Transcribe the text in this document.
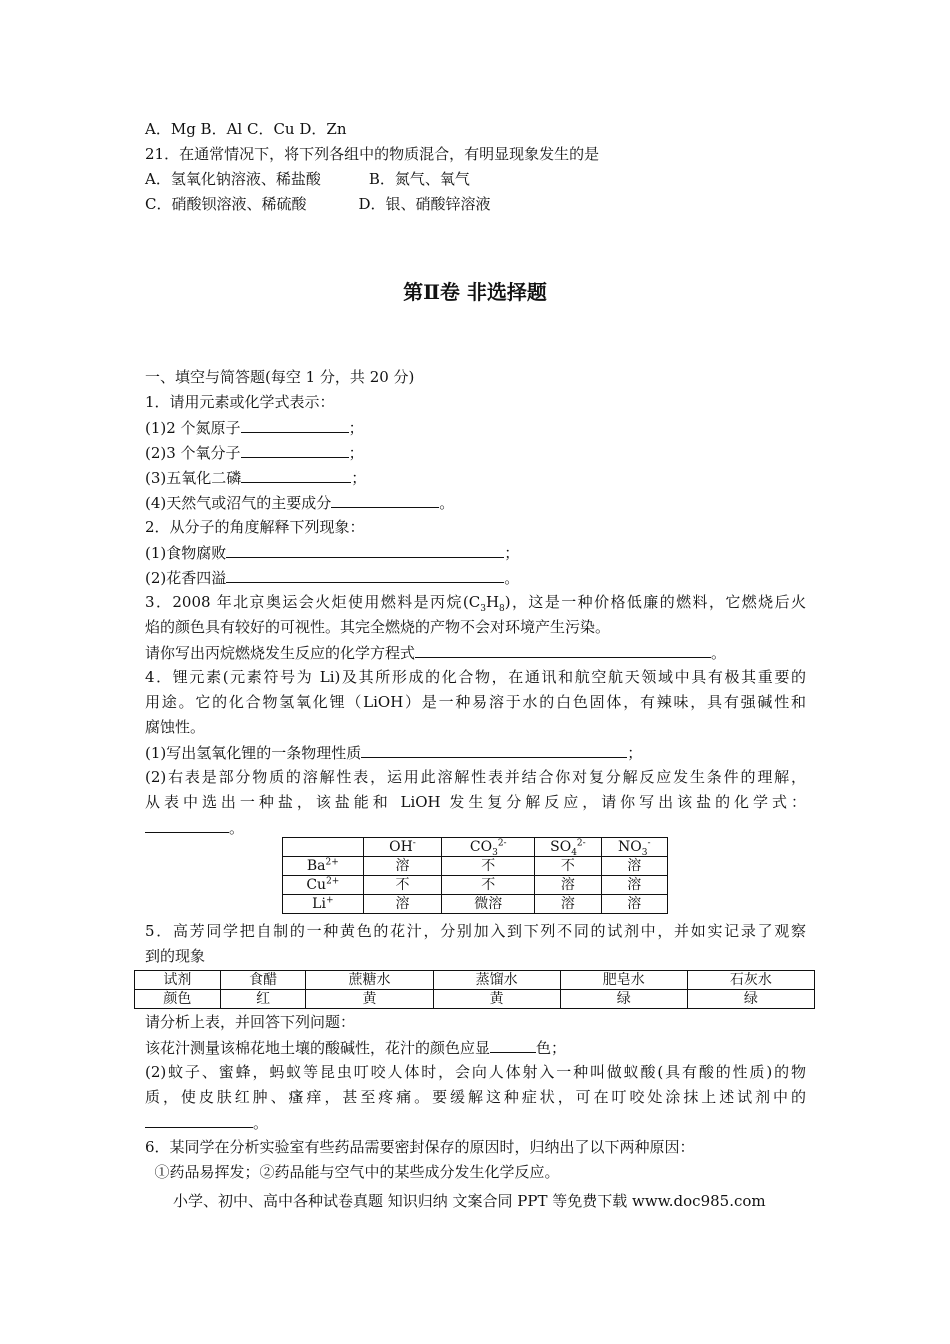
A．Mg B．Al C．Cu D．Zn
21．在通常情况下，将下列各组中的物质混合，有明显现象发生的是
A．氢氧化钠溶液、稀盐酸	B．氮气、氧气
C．硝酸钡溶液、稀硫酸	D．银、硝酸锌溶液
第Ⅱ卷 非选择题
一、填空与简答题(每空 1 分，共 20 分)
1．请用元素或化学式表示：
(1)2 个氮原子	；
(2)3 个氧分子	；
(3)五氧化二磷	；
(4)天然气或沼气的主要成分	。
2．从分子的角度解释下列现象：
(1)食物腐败	；
(2)花香四溢	。
3．2008 年北京奥运会火炬使用燃料是丙烷$(C_3H_8)$，这是一种价格低廉的燃料，它燃烧后火
焰的颜色具有较好的可视性。其完全燃烧的产物不会对环境产生污染。
请你写出丙烷燃烧发生反应的化学方程式	。
4．锂元素(元素符号为 Li)及其所形成的化合物，在通讯和航空航天领域中具有极其重要的
用途。它的化合物氢氧化锂（LiOH）是一种易溶于水的白色固体，有辣味，具有强碱性和
腐蚀性。
(1)写出氢氧化锂的一条物理性质	；
(2)右表是部分物质的溶解性表，运用此溶解性表并结合你对复分解反应发生条件的理解，
从表中选出一种盐，该盐能和 LiOH 发生复分解反应，请你写出该盐的化学式：
。
	OH-	$CO_3^{2-}$	$SO_4^{2-}$	$NO_3^-$
$Ba^{2+}$	溶	不	不	溶
$Cu^{2+}$	不	不	溶	溶
Li+	溶	微溶	溶	溶
5．高芳同学把自制的一种黄色的花汁，分别加入到下列不同的试剂中，并如实记录了观察
到的现象
试剂	食醋	蔗糖水	蒸馏水	肥皂水	石灰水
颜色	红	黄	黄	绿	绿
请分析上表，并回答下列问题：
该花汁测量该棉花地土壤的酸碱性，花汁的颜色应显	色；
(2)蚊子、蜜蜂，蚂蚁等昆虫叮咬人体时，会向人体射入一种叫做蚁酸(具有酸的性质)的物
质，使皮肤红肿、瘙痒，甚至疼痛。要缓解这种症状，可在叮咬处涂抹上述试剂中的
。
6．某同学在分析实验室有些药品需要密封保存的原因时，归纳出了以下两种原因：
①药品易挥发；②药品能与空气中的某些成分发生化学反应。
小学、初中、高中各种试卷真题 知识归纳 文案合同 PPT 等免费下载 www.doc985.com
